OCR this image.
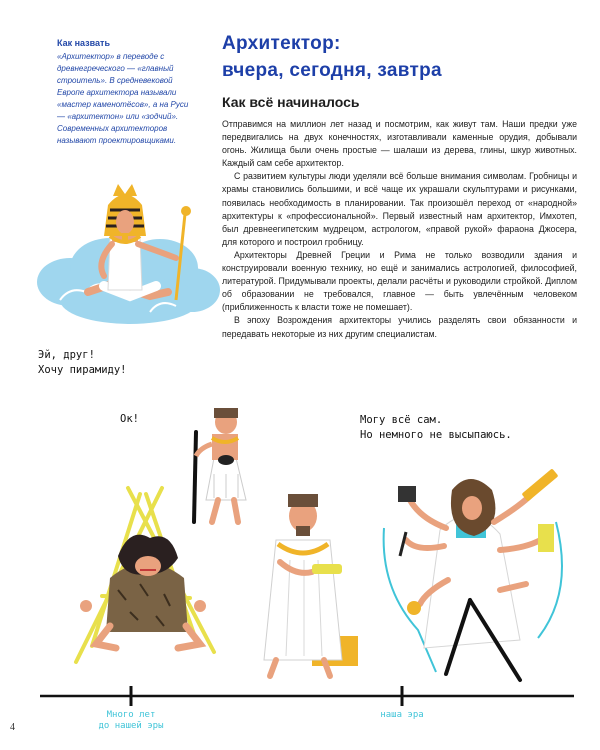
Как назвать

«Архитектор» в переводе с древнегреческого — «главный строитель». В средневековой Европе архитектора называли «мастер каменотёсов», а на Руси — «архитектон» или «зодчий». Современных архитекторов называют проектировщиками.

Архитектор:
вчера, сегодня, завтра
Как всё начиналось

Отправимся на миллион лет назад и посмотрим, как живут там. Наши предки уже передвигались на двух конечностях, изготавливали каменные орудия, добывали огонь. Жилища были очень простые — шалаши из дерева, глины, шкур животных. Каждый сам себе архитектор.

С развитием культуры люди уделяли всё больше внимания символам. Гробницы и храмы становились большими, и всё чаще их украшали скульптурами и рисунками, появилась необходимость в планировании. Так произошёл переход от «народной» архитектуры к «профессиональной». Первый известный нам архитектор, Имхотеп, был древнеегипетским мудрецом, астрологом, «правой рукой» фараона Джосера, для которого и построил гробницу.

Архитекторы Древней Греции и Рима не только возводили здания и конструировали военную технику, но ещё и занимались астрологией, философией, литературой. Придумывали проекты, делали расчёты и руководили стройкой. Диплом об образовании не требовался, главное — быть увлечённым человеком (приближенность к власти тоже не помешает).

В эпоху Возрождения архитекторы учились разделять свои обязанности и передавать некоторые из них другим специалистам.

Эй, друг!
Хочу пирамиду!

Ок!	Могу всё сам.
Но немного не высыпаюсь.

Много лет
до нашей эры
наша эра
4
